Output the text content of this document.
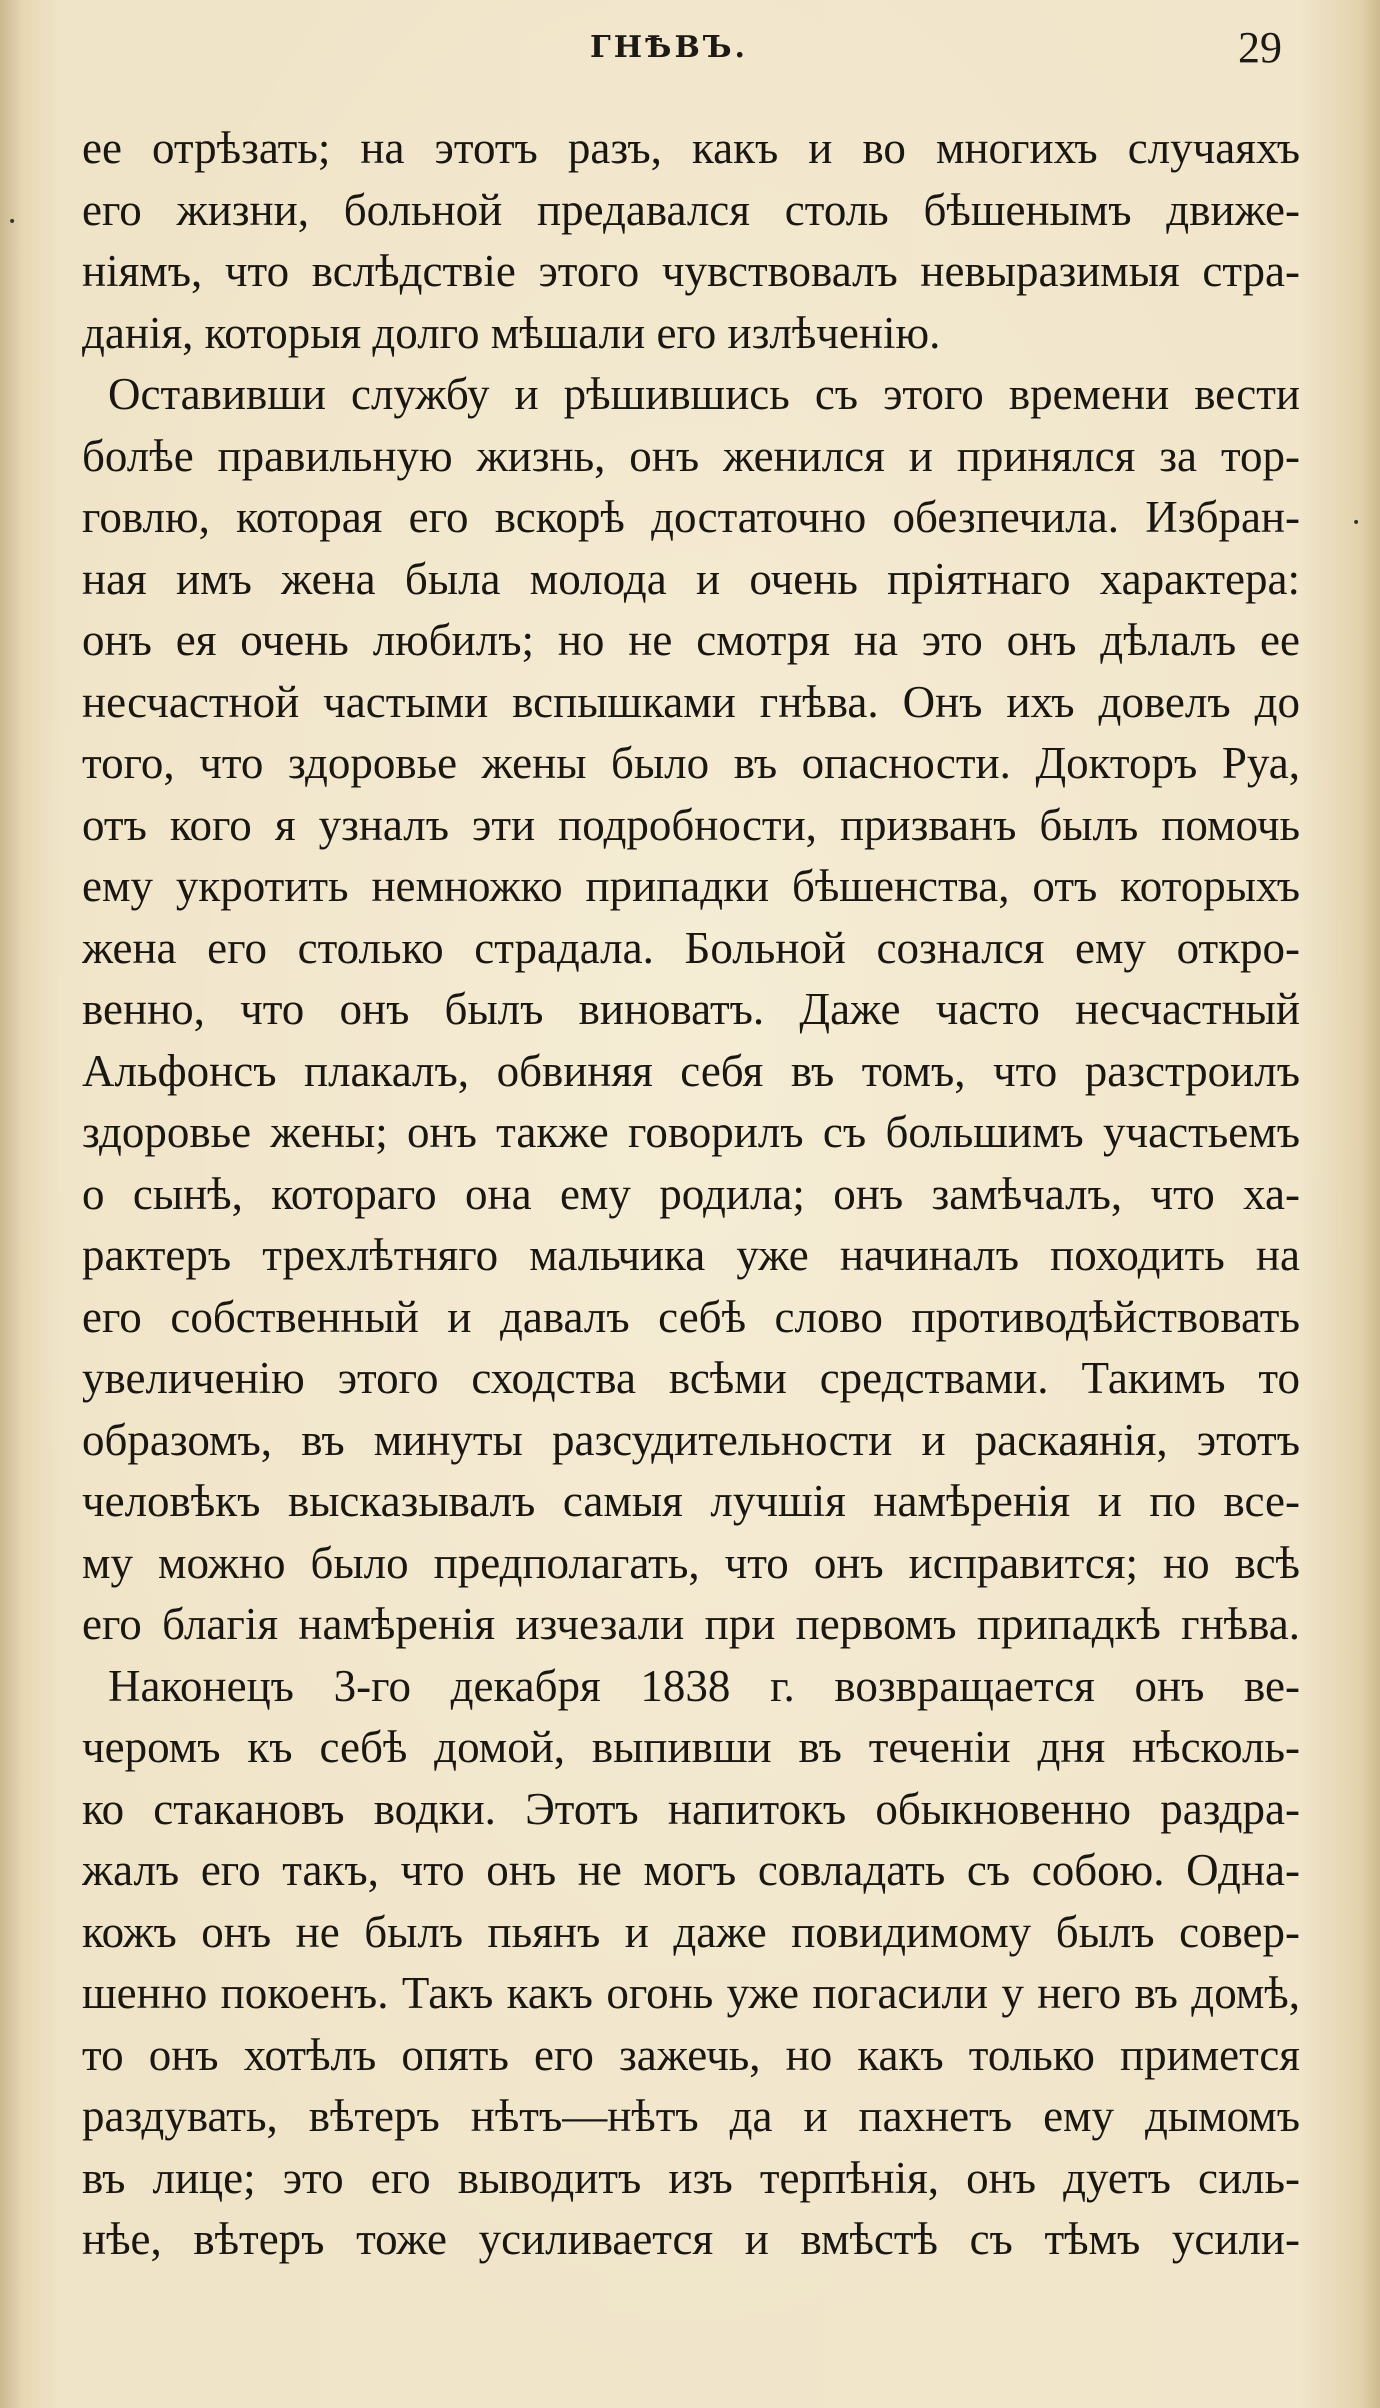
ГНѢВЪ.	29
ее отрѣзать; на этотъ разъ, какъ и во многихъ случаяхъ
его жизни, больной предавался столь бѣшенымъ движе-
ніямъ, что вслѣдствіе этого чувствовалъ невыразимыя стра-
данія, которыя долго мѣшали его излѣченію.
Оставивши службу и рѣшившись съ этого времени вести
болѣе правильную жизнь, онъ женился и принялся за тор-
говлю, которая его вскорѣ достаточно обезпечила. Избран-
ная имъ жена была молода и очень пріятнаго характера:
онъ ея очень любилъ; но не смотря на это онъ дѣлалъ ее
несчастной частыми вспышками гнѣва. Онъ ихъ довелъ до
того, что здоровье жены было въ опасности. Докторъ Руа,
отъ кого я узналъ эти подробности, призванъ былъ помочь
ему укротить немножко припадки бѣшенства, отъ которыхъ
жена его столько страдала. Больной сознался ему откро-
венно, что онъ былъ виноватъ. Даже часто несчастный
Альфонсъ плакалъ, обвиняя себя въ томъ, что разстроилъ
здоровье жены; онъ также говорилъ съ большимъ участьемъ
о сынѣ, котораго она ему родила; онъ замѣчалъ, что ха-
рактеръ трехлѣтняго мальчика уже начиналъ походить на
его собственный и давалъ себѣ слово противодѣйствовать
увеличенію этого сходства всѣми средствами. Такимъ то
образомъ, въ минуты разсудительности и раскаянія, этотъ
человѣкъ высказывалъ самыя лучшія намѣренія и по все-
му можно было предполагать, что онъ исправится; но всѣ
его благія намѣренія изчезали при первомъ припадкѣ гнѣва.
Наконецъ 3-го декабря 1838 г. возвращается онъ ве-
черомъ къ себѣ домой, выпивши въ теченіи дня нѣсколь-
ко стакановъ водки. Этотъ напитокъ обыкновенно раздра-
жалъ его такъ, что онъ не могъ совладать съ собою. Одна-
кожъ онъ не былъ пьянъ и даже повидимому былъ совер-
шенно покоенъ. Такъ какъ огонь уже погасили у него въ домѣ,
то онъ хотѣлъ опять его зажечь, но какъ только примется
раздувать, вѣтеръ нѣтъ—нѣтъ да и пахнетъ ему дымомъ
въ лице; это его выводитъ изъ терпѣнія, онъ дуетъ силь-
нѣе, вѣтеръ тоже усиливается и вмѣстѣ съ тѣмъ усили-
•
•
